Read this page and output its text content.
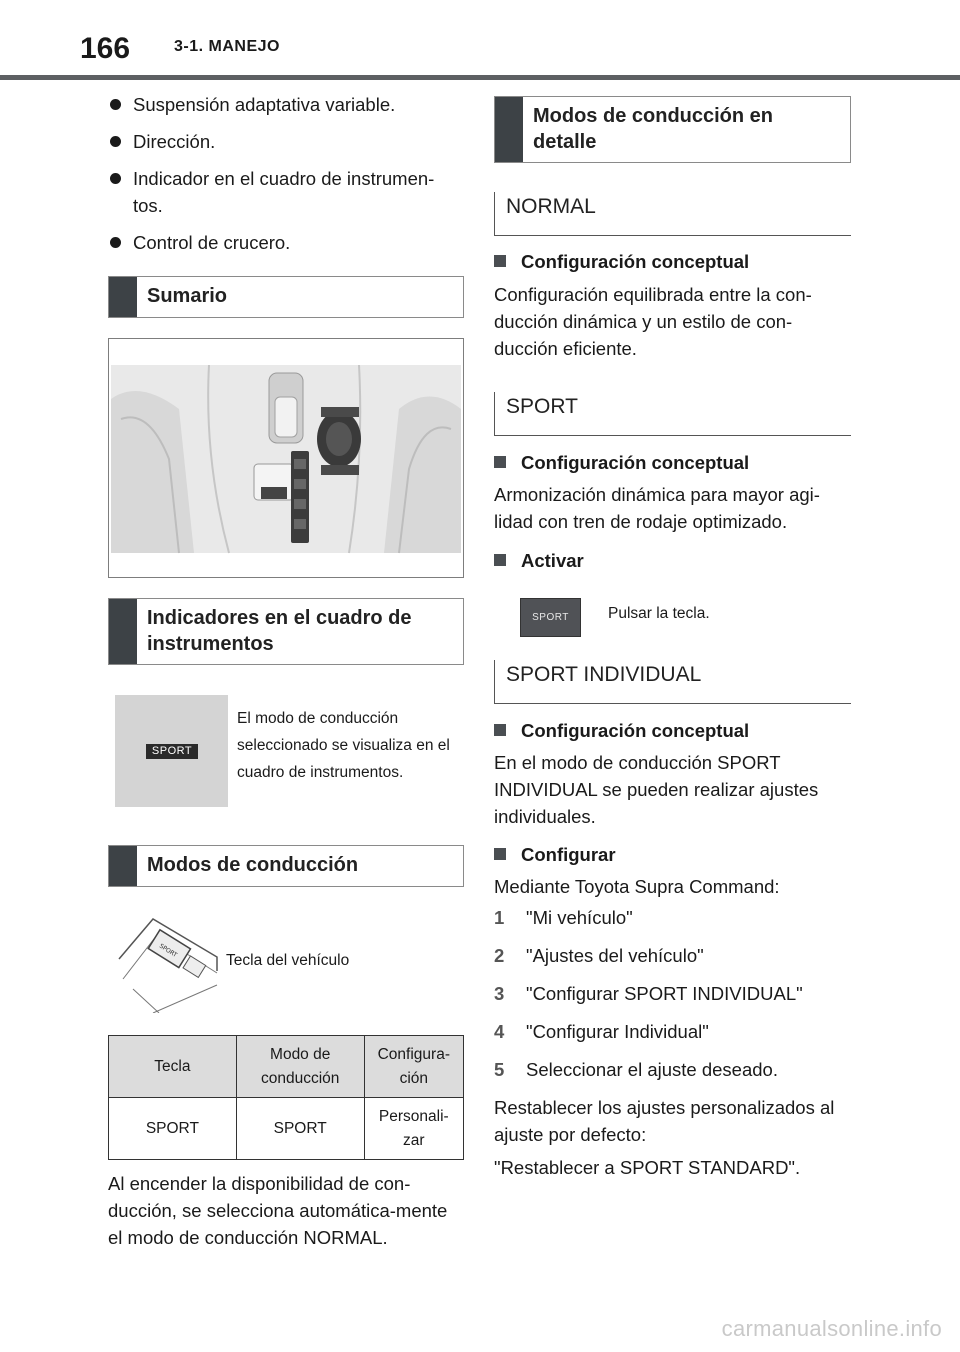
166	3-1. MANEJO
Suspensión adaptativa variable.
Dirección.
Indicador en el cuadro de instrumen-tos.
Control de crucero.
Sumario
Indicadores en el cuadro de instrumentos
SPORT
El modo de conducción seleccionado se visualiza en el cuadro de instrumentos.
Modos de conducción
SPORT
Tecla del vehículo
Tecla	Modo de conducción	Configura-ción
SPORT	SPORT	Personali-zar

Al encender la disponibilidad de con-ducción, se selecciona automática-mente el modo de conducción NORMAL.

Modos de conducción en detalle
NORMAL
Configuración conceptual

Configuración equilibrada entre la con-ducción dinámica y un estilo de con-ducción eficiente.

SPORT
Configuración conceptual

Armonización dinámica para mayor agi-lidad con tren de rodaje optimizado.

Activar
SPORT	Pulsar la tecla.
SPORT INDIVIDUAL
Configuración conceptual

En el modo de conducción SPORT INDIVIDUAL se pueden realizar ajustes individuales.

Configurar

Mediante Toyota Supra Command:

1	"Mi vehículo"
2	"Ajustes del vehículo"
3	"Configurar SPORT INDIVIDUAL"
4	"Configurar Individual"
5	Seleccionar el ajuste deseado.

Restablecer los ajustes personalizados al ajuste por defecto:

"Restablecer a SPORT STANDARD".

carmanualsonline.info
